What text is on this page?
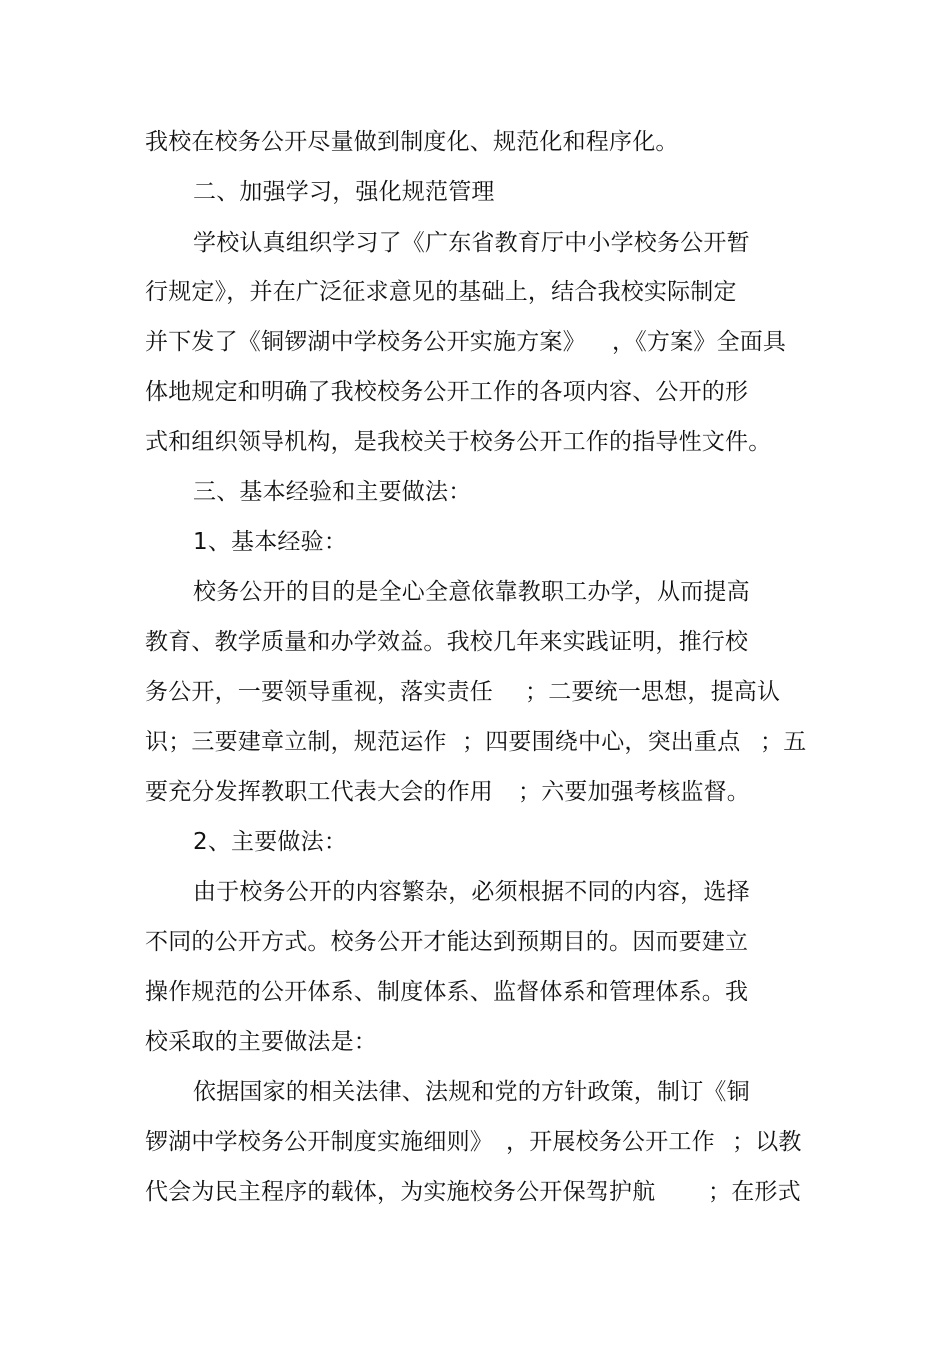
我校在校务公开尽量做到制度化、规范化和程序化。
二、加强学习，强化规范管理
学校认真组织学习了《广东省教育厅中小学校务公开暂
行规定》，并在广泛征求意见的基础上，结合我校实际制定
并下发了《铜锣湖中学校务公开实施方案》 ，《方案》全面具
体地规定和明确了我校校务公开工作的各项内容、公开的形
式和组织领导机构，是我校关于校务公开工作的指导性文件。
三、基本经验和主要做法：
1、基本经验：
校务公开的目的是全心全意依靠教职工办学，从而提高
教育、教学质量和办学效益。我校几年来实践证明，推行校
务公开，一要领导重视，落实责任 ；二要统一思想，提高认
识；三要建章立制，规范运作 ；四要围绕中心，突出重点 ；五
要充分发挥教职工代表大会的作用 ；六要加强考核监督。
2、主要做法：
由于校务公开的内容繁杂，必须根据不同的内容，选择
不同的公开方式。校务公开才能达到预期目的。因而要建立
操作规范的公开体系、制度体系、监督体系和管理体系。我
校采取的主要做法是：
依据国家的相关法律、法规和党的方针政策，制订《铜
锣湖中学校务公开制度实施细则》 ，开展校务公开工作 ；以教
代会为民主程序的载体，为实施校务公开保驾护航 ；在形式
